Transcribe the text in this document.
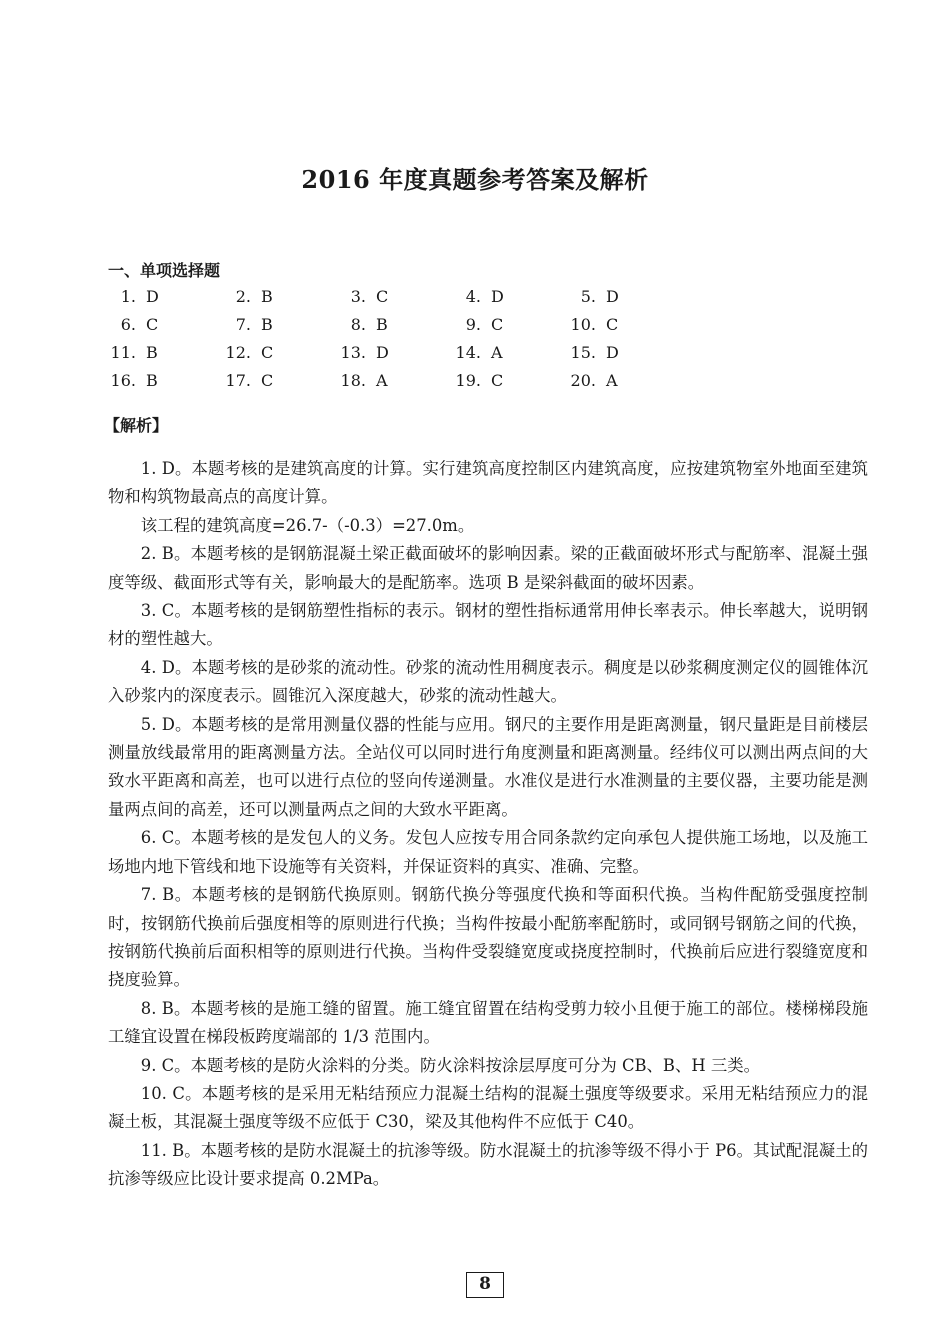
2016 年度真题参考答案及解析
一、单项选择题
1. D	2. B	3. C	4. D	5. D
6. C	7. B	8. B	9. C	10. C
11. B	12. C	13. D	14. A	15. D
16. B	17. C	18. A	19. C	20. A
【解析】

1. D。本题考核的是建筑高度的计算。实行建筑高度控制区内建筑高度，应按建筑物室外地面至建筑物和构筑物最高点的高度计算。

该工程的建筑高度=26.7-（-0.3）=27.0m。

2. B。本题考核的是钢筋混凝土梁正截面破坏的影响因素。梁的正截面破坏形式与配筋率、混凝土强度等级、截面形式等有关，影响最大的是配筋率。选项 B 是梁斜截面的破坏因素。

3. C。本题考核的是钢筋塑性指标的表示。钢材的塑性指标通常用伸长率表示。伸长率越大，说明钢材的塑性越大。

4. D。本题考核的是砂浆的流动性。砂浆的流动性用稠度表示。稠度是以砂浆稠度测定仪的圆锥体沉入砂浆内的深度表示。圆锥沉入深度越大，砂浆的流动性越大。

5. D。本题考核的是常用测量仪器的性能与应用。钢尺的主要作用是距离测量，钢尺量距是目前楼层测量放线最常用的距离测量方法。全站仪可以同时进行角度测量和距离测量。经纬仪可以测出两点间的大致水平距离和高差，也可以进行点位的竖向传递测量。水准仪是进行水准测量的主要仪器，主要功能是测量两点间的高差，还可以测量两点之间的大致水平距离。

6. C。本题考核的是发包人的义务。发包人应按专用合同条款约定向承包人提供施工场地，以及施工场地内地下管线和地下设施等有关资料，并保证资料的真实、准确、完整。

7. B。本题考核的是钢筋代换原则。钢筋代换分等强度代换和等面积代换。当构件配筋受强度控制时，按钢筋代换前后强度相等的原则进行代换；当构件按最小配筋率配筋时，或同钢号钢筋之间的代换，按钢筋代换前后面积相等的原则进行代换。当构件受裂缝宽度或挠度控制时，代换前后应进行裂缝宽度和挠度验算。

8. B。本题考核的是施工缝的留置。施工缝宜留置在结构受剪力较小且便于施工的部位。楼梯梯段施工缝宜设置在梯段板跨度端部的 1/3 范围内。

9. C。本题考核的是防火涂料的分类。防火涂料按涂层厚度可分为 CB、B、H 三类。

10. C。本题考核的是采用无粘结预应力混凝土结构的混凝土强度等级要求。采用无粘结预应力的混凝土板，其混凝土强度等级不应低于 C30，梁及其他构件不应低于 C40。

11. B。本题考核的是防水混凝土的抗渗等级。防水混凝土的抗渗等级不得小于 P6。其试配混凝土的抗渗等级应比设计要求提高 0.2MPa。

8
